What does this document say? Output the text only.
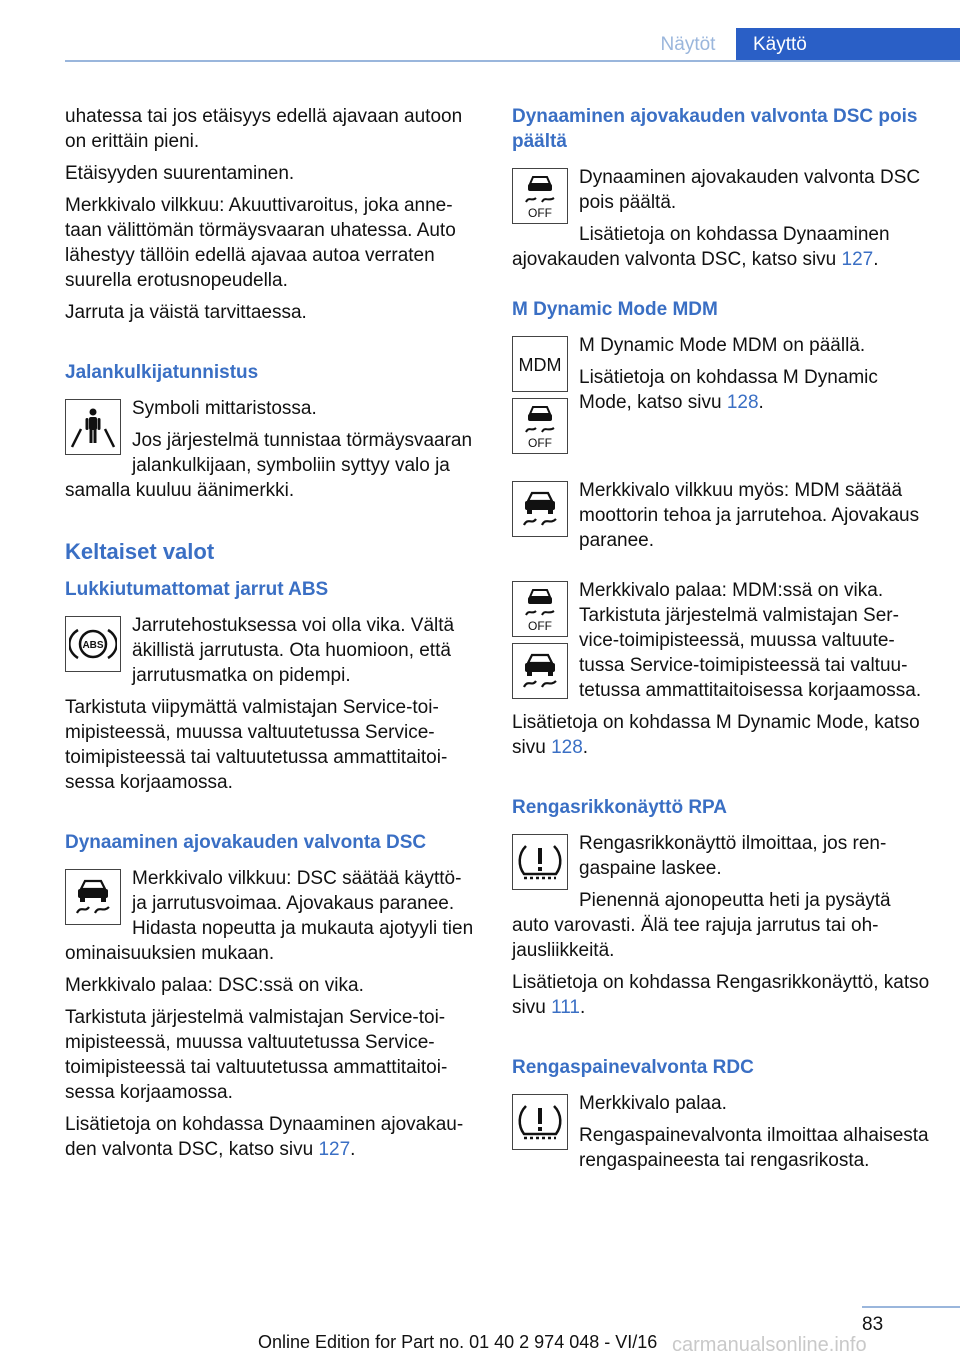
Näytöt	Käyttö

uhatessa tai jos etäisyys edellä ajavaan autoon on erittäin pieni.

Etäisyyden suurentaminen.

Merkkivalo vilkkuu: Akuuttivaroitus, joka annetaan välittömän törmäysvaaran uhatessa. Auto lähestyy tällöin edellä ajavaa autoa verraten suurella erotusnopeudella.

Jarruta ja väistä tarvittaessa.

Jalankulkijatunnistus

Symboli mittaristossa.

Jos järjestelmä tunnistaa törmäysvaaran jalankulkijaan, symboliin syttyy valo ja samalla kuuluu äänimerkki.

Keltaiset valot
Lukkiutumattomat jarrut ABS
ABS

Jarrutehostuksessa voi olla vika. Vältä äkillistä jarrutusta. Ota huomioon, että jarrutusmatka on pidempi.

Tarkistuta viipymättä valmistajan Service-toimipisteessä, muussa valtuutetussa Service-toimipisteessä tai valtuutetussa ammattitaitoisessa korjaamossa.

Dynaaminen ajovakauden valvonta DSC

Merkkivalo vilkkuu: DSC säätää käyttö- ja jarrutusvoimaa. Ajovakaus paranee. Hidasta nopeutta ja mukauta ajotyyli tien ominaisuuksien mukaan.

Merkkivalo palaa: DSC:ssä on vika.

Tarkistuta järjestelmä valmistajan Service-toimipisteessä, muussa valtuutetussa Service-toimipisteessä tai valtuutetussa ammattitaitoisessa korjaamossa.

Lisätietoja on kohdassa Dynaaminen ajovakauden valvonta DSC, katso sivu 127.

Dynaaminen ajovakauden valvonta DSC pois päältä
OFF

Dynaaminen ajovakauden valvonta DSC pois päältä.

Lisätietoja on kohdassa Dynaaminen ajovakauden valvonta DSC, katso sivu 127.

M Dynamic Mode MDM
MDM
OFF

M Dynamic Mode MDM on päällä.

Lisätietoja on kohdassa M Dynamic Mode, katso sivu 128.

Merkkivalo vilkkuu myös: MDM säätää moottorin tehoa ja jarrutehoa. Ajovakaus paranee.

OFF

Merkkivalo palaa: MDM:ssä on vika. Tarkistuta järjestelmä valmistajan Service-toimipisteessä, muussa valtuutetussa Service-toimipisteessä tai valtuutetussa ammattitaitoisessa korjaamossa.

Lisätietoja on kohdassa M Dynamic Mode, katso sivu 128.

Rengasrikkonäyttö RPA

Rengasrikkonäyttö ilmoittaa, jos rengaspaine laskee.

Pienennä ajonopeutta heti ja pysäytä auto varovasti. Älä tee rajuja jarrutus tai ohjausliikkeitä.

Lisätietoja on kohdassa Rengasrikkonäyttö, katso sivu 111.

Rengaspainevalvonta RDC

Merkkivalo palaa.

Rengaspainevalvonta ilmoittaa alhaisesta rengaspaineesta tai rengasrikosta.

83
Online Edition for Part no. 01 40 2 974 048 - VI/16 carmanualsonline.info
